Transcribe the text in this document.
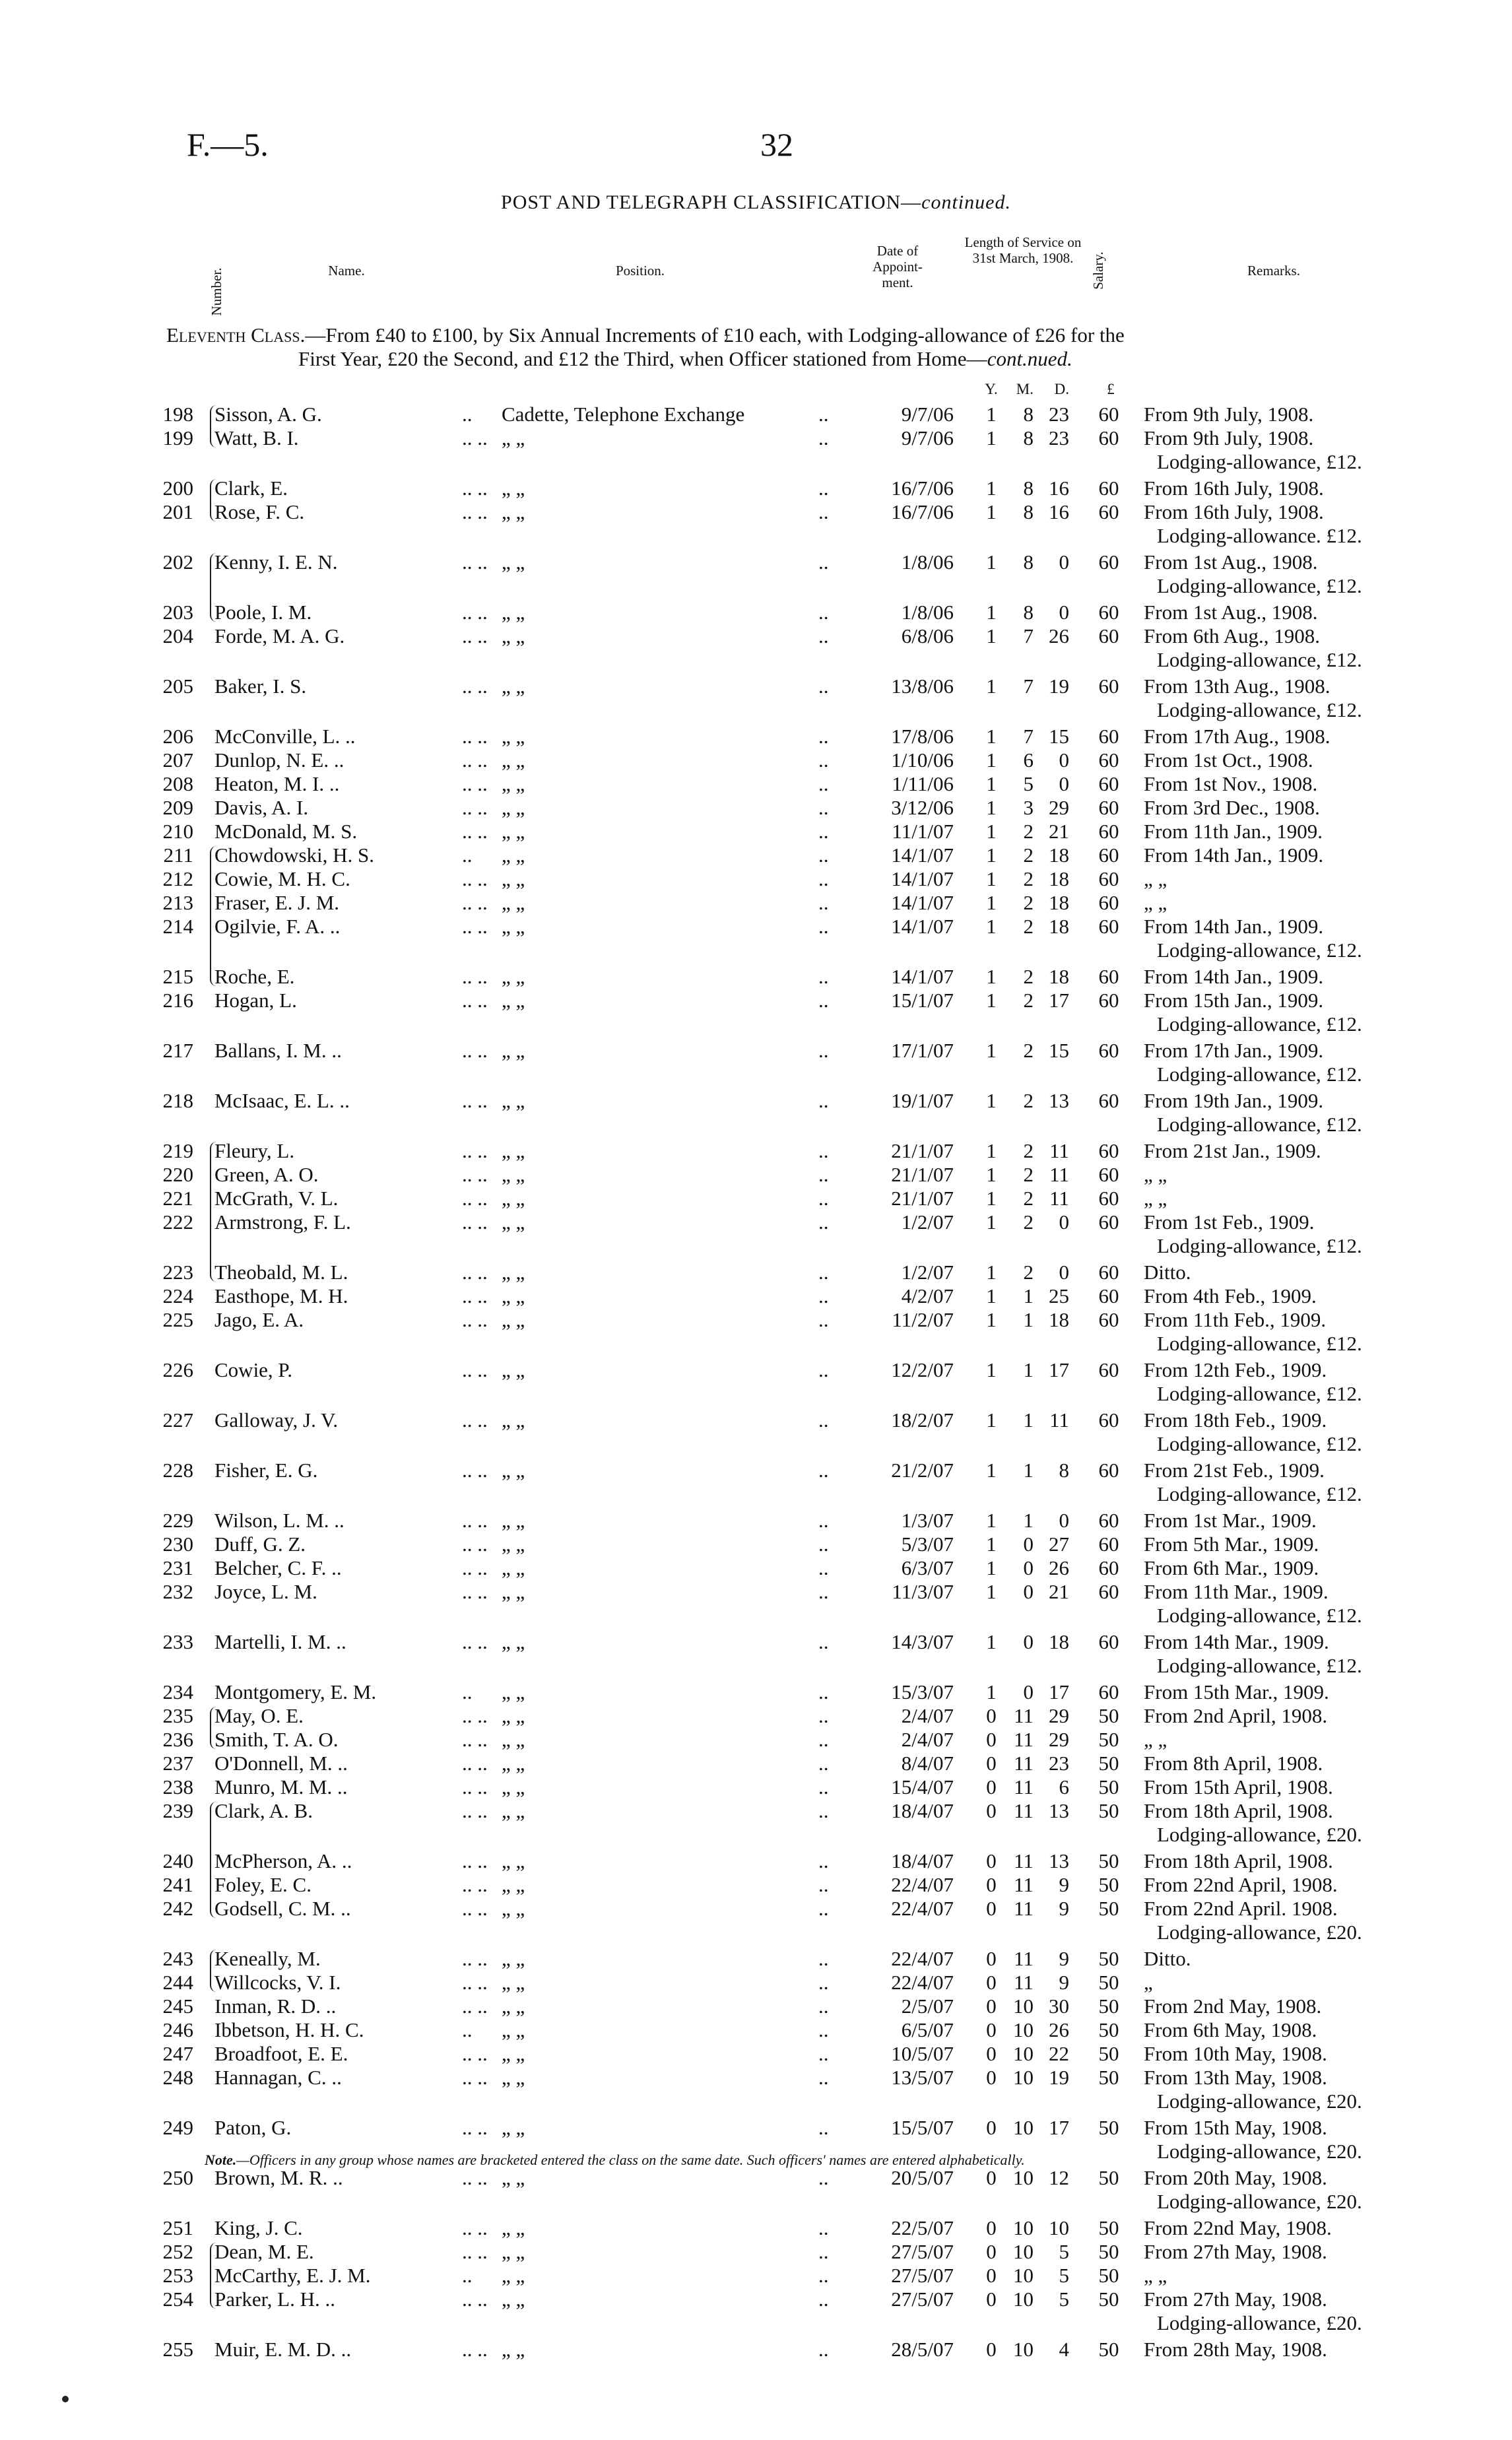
F.—5.	32
POST AND TELEGRAPH CLASSIFICATION—continued.
Number.	Name.	Position.
Date of Appoint-ment.
Length of Service on 31st March, 1908.	Salary.	Remarks.
Eleventh Class.—From £40 to £100, by Six Annual Increments of £10 each, with Lodging-allowance of £26 for the
First Year, £20 the Second, and £12 the Third, when Officer stationed from Home—cont.nued.
Y.	M.	D.	£
198 Sisson, A. G.	.. Cadette, Telephone Exchange	..	9/7/06 1	8 23	60	From 9th July, 1908.
199 Watt, B. I.	.. .. „ „	..	9/7/06 1	8 23	60	From 9th July, 1908.
Lodging-allowance, £12.
200 Clark, E.	.. .. „ „	..	16/7/06 1	8 16	60	From 16th July, 1908.
201 Rose, F. C.	.. .. „ „	..	16/7/06 1	8 16	60	From 16th July, 1908.
Lodging-allowance. £12.
202 Kenny, I. E. N.	.. .. „ „	..	1/8/06 1	8	0	60	From 1st Aug., 1908.
Lodging-allowance, £12.
203 Poole, I. M.	.. .. „ „	..	1/8/06 1	8	0	60	From 1st Aug., 1908.
204 Forde, M. A. G.	.. .. „ „	..	6/8/06 1	7 26	60	From 6th Aug., 1908.
Lodging-allowance, £12.
205 Baker, I. S.	.. .. „ „	..	13/8/06 1	7 19	60	From 13th Aug., 1908.
Lodging-allowance, £12.
206 McConville, L. ..	.. .. „ „	..	17/8/06 1	7 15	60	From 17th Aug., 1908.
207 Dunlop, N. E. ..	.. .. „ „	..	1/10/06 1	6	0	60	From 1st Oct., 1908.
208 Heaton, M. I. ..	.. .. „ „	..	1/11/06 1	5	0	60	From 1st Nov., 1908.
209 Davis, A. I.	.. .. „ „	..	3/12/06 1	3 29	60	From 3rd Dec., 1908.
210 McDonald, M. S.	.. .. „ „	..	11/1/07 1	2 21	60	From 11th Jan., 1909.
211 Chowdowski, H. S.	.. „ „	..	14/1/07 1	2 18	60	From 14th Jan., 1909.
212 Cowie, M. H. C.	.. .. „ „	..	14/1/07 1	2 18	60	„ „
213 Fraser, E. J. M.	.. .. „ „	..	14/1/07 1	2 18	60	„ „
214 Ogilvie, F. A. ..	.. .. „ „	..	14/1/07 1	2 18	60	From 14th Jan., 1909.
Lodging-allowance, £12.
215 Roche, E.	.. .. „ „	..	14/1/07 1	2 18	60	From 14th Jan., 1909.
216 Hogan, L.	.. .. „ „	..	15/1/07 1	2 17	60	From 15th Jan., 1909.
Lodging-allowance, £12.
217 Ballans, I. M. ..	.. .. „ „	..	17/1/07 1	2 15	60	From 17th Jan., 1909.
Lodging-allowance, £12.
218 McIsaac, E. L. ..	.. .. „ „	..	19/1/07 1	2 13	60	From 19th Jan., 1909.
Lodging-allowance, £12.
219 Fleury, L.	.. .. „ „	..	21/1/07 1	2 11	60	From 21st Jan., 1909.
220 Green, A. O.	.. .. „ „	..	21/1/07 1	2 11	60	„ „
221 McGrath, V. L.	.. .. „ „	..	21/1/07 1	2 11	60	„ „
222 Armstrong, F. L.	.. .. „ „	..	1/2/07 1	2	0	60	From 1st Feb., 1909.
Lodging-allowance, £12.
223 Theobald, M. L.	.. .. „ „	..	1/2/07 1	2	0	60	Ditto.
224 Easthope, M. H.	.. .. „ „	..	4/2/07 1	1 25	60	From 4th Feb., 1909.
225 Jago, E. A.	.. .. „ „	..	11/2/07 1	1 18	60	From 11th Feb., 1909.
Lodging-allowance, £12.
226 Cowie, P.	.. .. „ „	..	12/2/07 1	1 17	60	From 12th Feb., 1909.
Lodging-allowance, £12.
227 Galloway, J. V.	.. .. „ „	..	18/2/07 1	1 11	60	From 18th Feb., 1909.
Lodging-allowance, £12.
228 Fisher, E. G.	.. .. „ „	..	21/2/07 1	1	8	60	From 21st Feb., 1909.
Lodging-allowance, £12.
229 Wilson, L. M. ..	.. .. „ „	..	1/3/07 1	1	0	60	From 1st Mar., 1909.
230 Duff, G. Z.	.. .. „ „	..	5/3/07 1	0 27	60	From 5th Mar., 1909.
231 Belcher, C. F. ..	.. .. „ „	..	6/3/07 1	0 26	60	From 6th Mar., 1909.
232 Joyce, L. M.	.. .. „ „	..	11/3/07 1	0 21	60	From 11th Mar., 1909.
Lodging-allowance, £12.
233 Martelli, I. M. ..	.. .. „ „	..	14/3/07 1	0 18	60	From 14th Mar., 1909.
Lodging-allowance, £12.
234 Montgomery, E. M.	.. „ „	..	15/3/07 1	0 17	60	From 15th Mar., 1909.
235 May, O. E.	.. .. „ „	..	2/4/07 0 11 29	50	From 2nd April, 1908.
236 Smith, T. A. O.	.. .. „ „	..	2/4/07 0 11 29	50	„ „
237 O'Donnell, M. ..	.. .. „ „	..	8/4/07 0 11 23	50	From 8th April, 1908.
238 Munro, M. M. ..	.. .. „ „	..	15/4/07 0 11	6	50	From 15th April, 1908.
239 Clark, A. B.	.. .. „ „	..	18/4/07 0 11 13	50	From 18th April, 1908.
Lodging-allowance, £20.
240 McPherson, A. ..	.. .. „ „	..	18/4/07 0 11 13	50	From 18th April, 1908.
241 Foley, E. C.	.. .. „ „	..	22/4/07 0 11	9	50	From 22nd April, 1908.
242 Godsell, C. M. ..	.. .. „ „	..	22/4/07 0 11	9	50	From 22nd April. 1908.
Lodging-allowance, £20.
243 Keneally, M.	.. .. „ „	..	22/4/07 0 11	9	50	Ditto.
244 Willcocks, V. I.	.. .. „ „	..	22/4/07 0 11	9	50	„
245 Inman, R. D. ..	.. .. „ „	..	2/5/07 0 10 30	50	From 2nd May, 1908.
246 Ibbetson, H. H. C.	.. „ „	..	6/5/07 0 10 26	50	From 6th May, 1908.
247 Broadfoot, E. E.	.. .. „ „	..	10/5/07 0 10 22	50	From 10th May, 1908.
248 Hannagan, C. ..	.. .. „ „	..	13/5/07 0 10 19	50	From 13th May, 1908.
Lodging-allowance, £20.
249 Paton, G.	.. .. „ „	..	15/5/07 0 10 17	50	From 15th May, 1908.
Lodging-allowance, £20.
250 Brown, M. R. ..	.. .. „ „	..	20/5/07 0 10 12	50	From 20th May, 1908.
Lodging-allowance, £20.
251 King, J. C.	.. .. „ „	..	22/5/07 0 10 10	50	From 22nd May, 1908.
252 Dean, M. E.	.. .. „ „	..	27/5/07 0 10	5	50	From 27th May, 1908.
253 McCarthy, E. J. M.	.. „ „	..	27/5/07 0 10	5	50	„ „
254 Parker, L. H. ..	.. .. „ „	..	27/5/07 0 10	5	50	From 27th May, 1908.
Lodging-allowance, £20.
255 Muir, E. M. D. ..	.. .. „ „	..	28/5/07 0 10	4	50	From 28th May, 1908.
Note.—Officers in any group whose names are bracketed entered the class on the same date. Such officers' names are entered alphabetically.
